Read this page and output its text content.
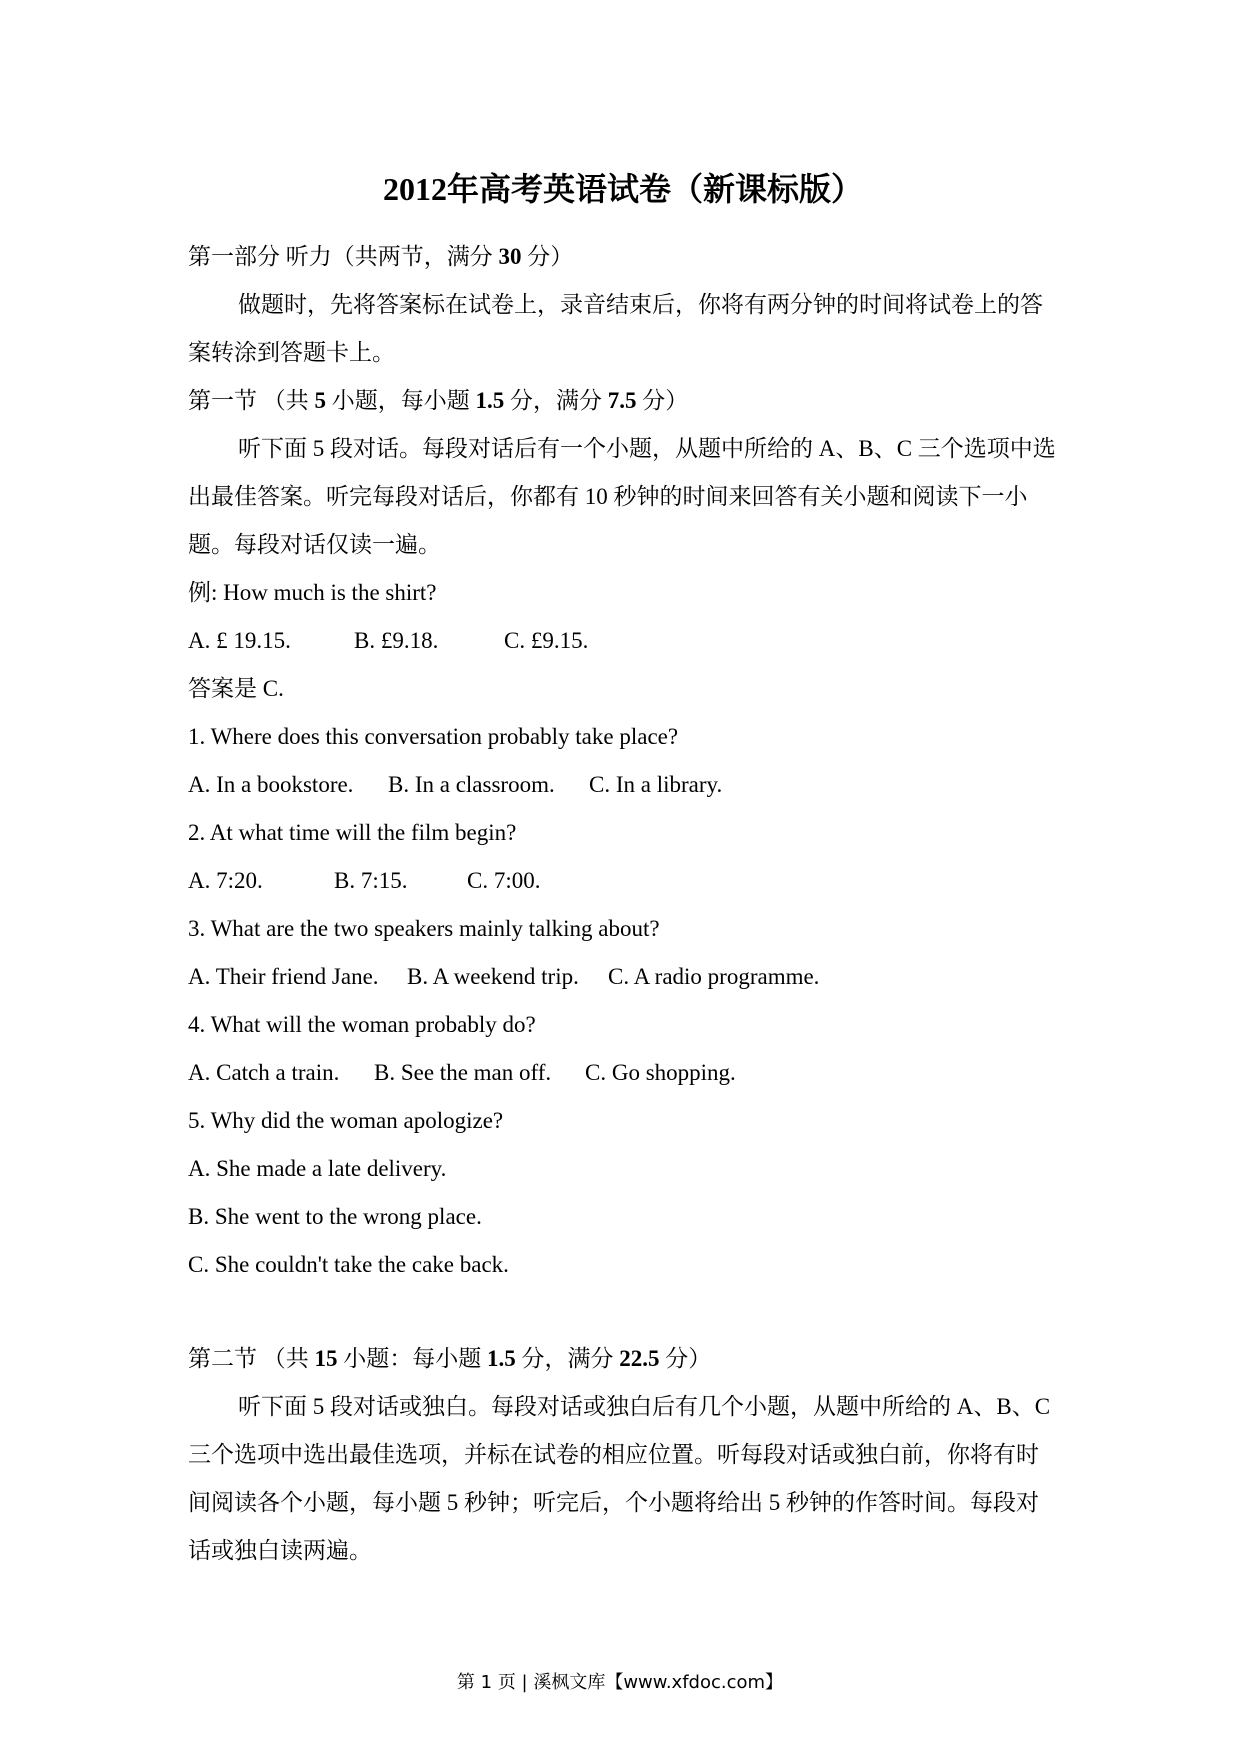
2012年高考英语试卷（新课标版）

第一部分 听力（共两节，满分 30 分）

做题时，先将答案标在试卷上，录音结束后，你将有两分钟的时间将试卷上的答案转涂到答题卡上。

第一节 （共 5 小题，每小题 1.5 分，满分 7.5 分）

听下面 5 段对话。每段对话后有一个小题，从题中所给的 A、B、C 三个选项中选出最佳答案。听完每段对话后，你都有 10 秒钟的时间来回答有关小题和阅读下一小题。每段对话仅读一遍。

例: How much is the shirt?

A. £ 19.15.	B. £9.18.	C. £9.15.

答案是 C.

1. Where does this conversation probably take place?

A. In a bookstore.	B. In a classroom.	C. In a library.

2. At what time will the film begin?

A. 7:20.	B. 7:15.	C. 7:00.

3. What are the two speakers mainly talking about?

A. Their friend Jane.	B. A weekend trip.	C. A radio programme.

4. What will the woman probably do?

A. Catch a train.	B. See the man off.	C. Go shopping.

5. Why did the woman apologize?

A. She made a late delivery.

B. She went to the wrong place.

C. She couldn't take the cake back.

第二节 （共 15 小题：每小题 1.5 分，满分 22.5 分）

听下面 5 段对话或独白。每段对话或独白后有几个小题，从题中所给的 A、B、C 三个选项中选出最佳选项，并标在试卷的相应位置。听每段对话或独白前，你将有时间阅读各个小题，每小题 5 秒钟；听完后，个小题将给出 5 秒钟的作答时间。每段对话或独白读两遍。

第 1 页 | 溪枫文库【www.xfdoc.com】
